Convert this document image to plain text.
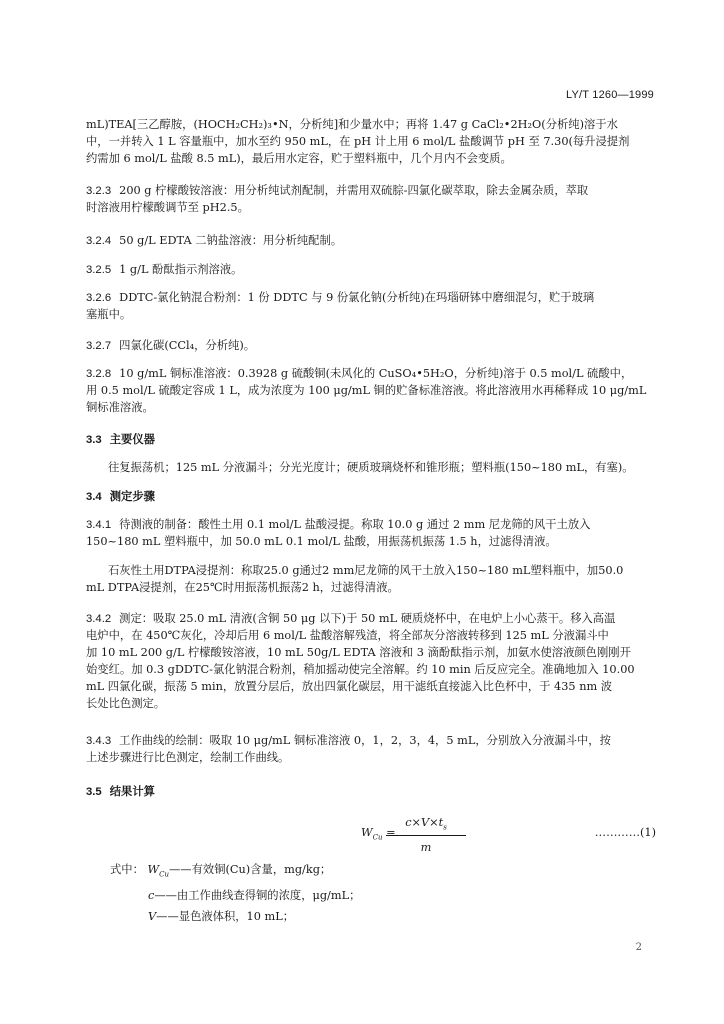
LY/T 1260—1999
mL)TEA[三乙醇胺，(HOCH₂CH₂)₃•N，分析纯]和少量水中；再将 1.47 g CaCl₂•2H₂O(分析纯)溶于水
中，一并转入 1 L 容量瓶中，加水至约 950 mL，在 pH 计上用 6 mol/L 盐酸调节 pH 至 7.30(每升浸提剂
约需加 6 mol/L 盐酸 8.5 mL)，最后用水定容，贮于塑料瓶中，几个月内不会变质。
3.2.3 200 g 柠檬酸铵溶液：用分析纯试剂配制，并需用双硫腙-四氯化碳萃取，除去金属杂质，萃取
时溶液用柠檬酸调节至 pH2.5。
3.2.4 50 g/L EDTA 二钠盐溶液：用分析纯配制。
3.2.5 1 g/L 酚酞指示剂溶液。
3.2.6 DDTC-氯化钠混合粉剂：1 份 DDTC 与 9 份氯化钠(分析纯)在玛瑙研钵中磨细混匀，贮于玻璃
塞瓶中。
3.2.7 四氯化碳(CCl₄，分析纯)。
3.2.8 10 g/mL 铜标准溶液：0.3928 g 硫酸铜(未风化的 CuSO₄•5H₂O，分析纯)溶于 0.5 mol/L 硫酸中，
用 0.5 mol/L 硫酸定容成 1 L，成为浓度为 100 μg/mL 铜的贮备标准溶液。将此溶液用水再稀释成 10 μg/mL
铜标准溶液。
3.3 主要仪器
往复振荡机；125 mL 分液漏斗；分光光度计；硬质玻璃烧杯和锥形瓶；塑料瓶(150~180 mL，有塞)。
3.4 测定步骤
3.4.1 待测液的制备：酸性土用 0.1 mol/L 盐酸浸提。称取 10.0 g 通过 2 mm 尼龙筛的风干土放入
150~180 mL 塑料瓶中，加 50.0 mL 0.1 mol/L 盐酸，用振荡机振荡 1.5 h，过滤得清液。
石灰性土用DTPA浸提剂：称取25.0 g通过2 mm尼龙筛的风干土放入150~180 mL塑料瓶中，加50.0
mL DTPA浸提剂，在25℃时用振荡机振荡2 h，过滤得清液。
3.4.2 测定：吸取 25.0 mL 清液(含铜 50 μg 以下)于 50 mL 硬质烧杯中，在电炉上小心蒸干。移入高温
电炉中，在 450℃灰化，冷却后用 6 mol/L 盐酸溶解残渣，将全部灰分溶液转移到 125 mL 分液漏斗中
加 10 mL 200 g/L 柠檬酸铵溶液，10 mL 50g/L EDTA 溶液和 3 滴酚酞指示剂，加氨水使溶液颜色刚刚开
始变红。加 0.3 gDDTC-氯化钠混合粉剂，稍加摇动使完全溶解。约 10 min 后反应完全。准确地加入 10.00
mL 四氯化碳，振荡 5 min，放置分层后，放出四氯化碳层，用干滤纸直接滤入比色杯中，于 435 nm 波
长处比色测定。
3.4.3 工作曲线的绘制：吸取 10 μg/mL 铜标准溶液 0，1，2，3，4，5 mL，分别放入分液漏斗中，按
上述步骤进行比色测定，绘制工作曲线。
3.5 结果计算
$W_{Cu}$ =
$\frac{c\times V\times t_s}{m}$	…………(1)
式中： $W_{Cu}——$有效铜(Cu)含量，mg/kg；
c——由工作曲线查得铜的浓度，μg/mL；
V——显色液体积，10 mL；
2
